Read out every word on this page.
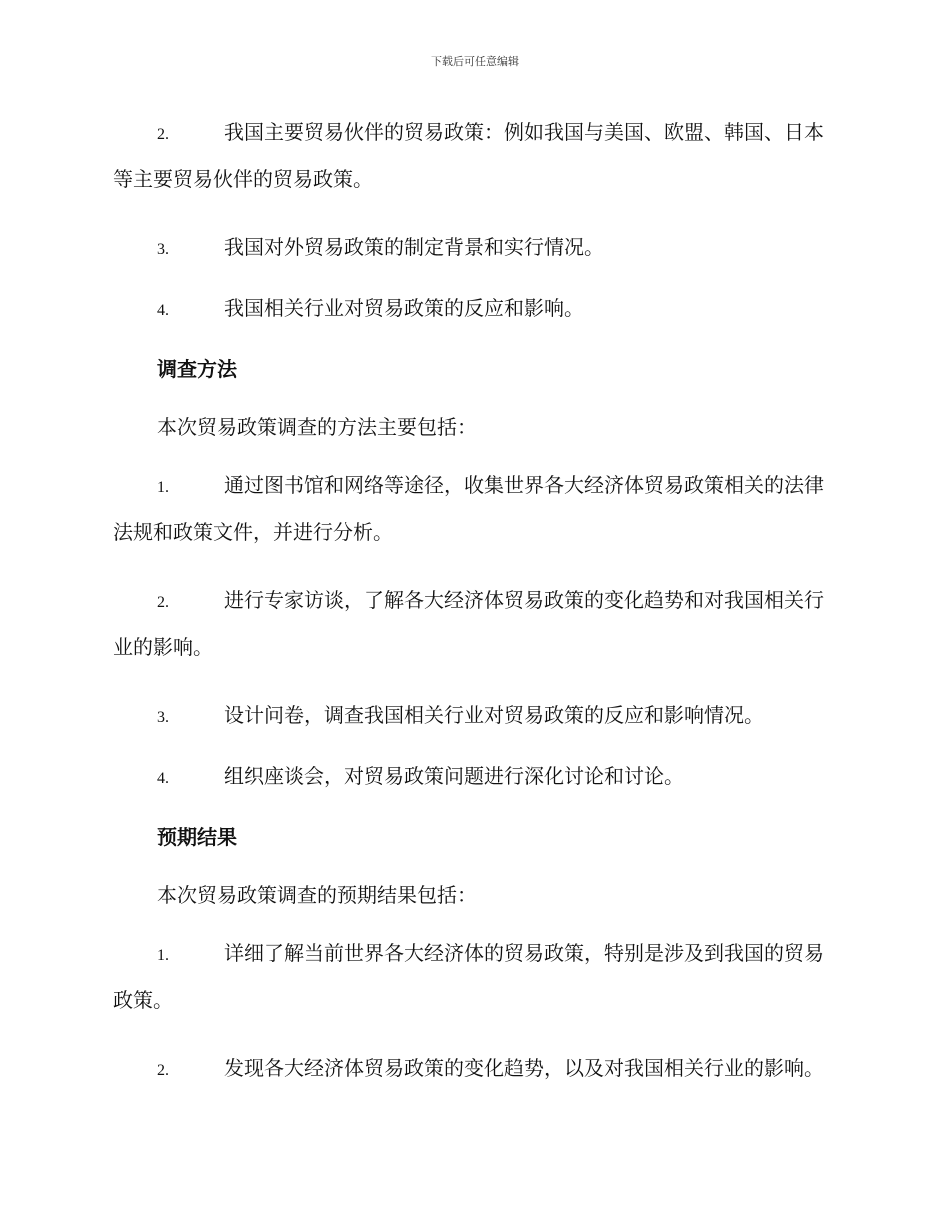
下载后可任意编辑
2.	我国主要贸易伙伴的贸易政策：例如我国与美国、欧盟、韩国、日本等主要贸易伙伴的贸易政策。
3.	我国对外贸易政策的制定背景和实行情况。
4.	我国相关行业对贸易政策的反应和影响。
调查方法
本次贸易政策调查的方法主要包括：
1.	通过图书馆和网络等途径，收集世界各大经济体贸易政策相关的法律法规和政策文件，并进行分析。
2.	进行专家访谈，了解各大经济体贸易政策的变化趋势和对我国相关行业的影响。
3.	设计问卷，调查我国相关行业对贸易政策的反应和影响情况。
4.	组织座谈会，对贸易政策问题进行深化讨论和讨论。
预期结果
本次贸易政策调查的预期结果包括：
1.	详细了解当前世界各大经济体的贸易政策，特别是涉及到我国的贸易政策。
2.	发现各大经济体贸易政策的变化趋势，以及对我国相关行业的影响。
